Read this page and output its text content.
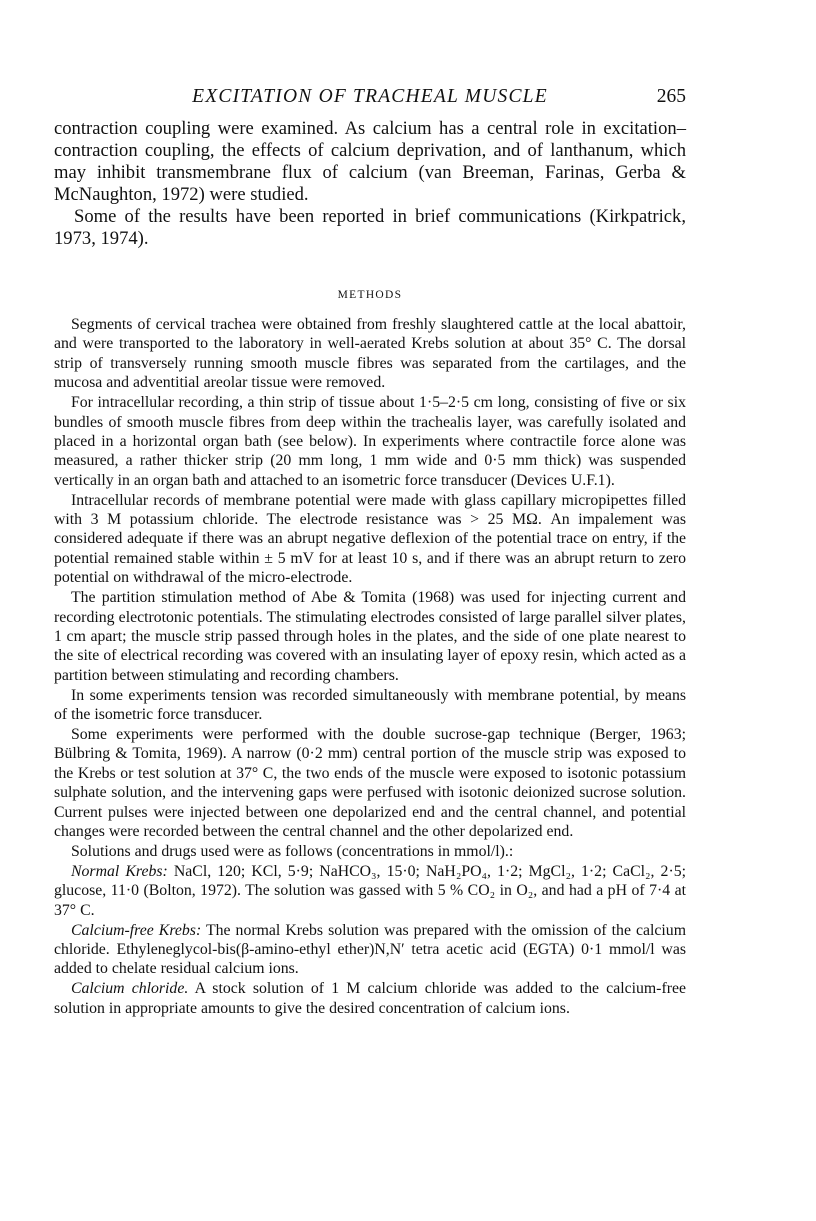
EXCITATION OF TRACHEAL MUSCLE	265

contraction coupling were examined. As calcium has a central role in excitation–contraction coupling, the effects of calcium deprivation, and of lanthanum, which may inhibit transmembrane flux of calcium (van Breeman, Farinas, Gerba & McNaughton, 1972) were studied.

Some of the results have been reported in brief communications (Kirkpatrick, 1973, 1974).

METHODS

Segments of cervical trachea were obtained from freshly slaughtered cattle at the local abattoir, and were transported to the laboratory in well-aerated Krebs solution at about 35° C. The dorsal strip of transversely running smooth muscle fibres was separated from the cartilages, and the mucosa and adventitial areolar tissue were removed.

For intracellular recording, a thin strip of tissue about 1·5–2·5 cm long, consisting of five or six bundles of smooth muscle fibres from deep within the trachealis layer, was carefully isolated and placed in a horizontal organ bath (see below). In experiments where contractile force alone was measured, a rather thicker strip (20 mm long, 1 mm wide and 0·5 mm thick) was suspended vertically in an organ bath and attached to an isometric force transducer (Devices U.F.1).

Intracellular records of membrane potential were made with glass capillary micropipettes filled with 3 M potassium chloride. The electrode resistance was > 25 MΩ. An impalement was considered adequate if there was an abrupt negative deflexion of the potential trace on entry, if the potential remained stable within ± 5 mV for at least 10 s, and if there was an abrupt return to zero potential on withdrawal of the micro-electrode.

The partition stimulation method of Abe & Tomita (1968) was used for injecting current and recording electrotonic potentials. The stimulating electrodes consisted of large parallel silver plates, 1 cm apart; the muscle strip passed through holes in the plates, and the side of one plate nearest to the site of electrical recording was covered with an insulating layer of epoxy resin, which acted as a partition between stimulating and recording chambers.

In some experiments tension was recorded simultaneously with membrane potential, by means of the isometric force transducer.

Some experiments were performed with the double sucrose-gap technique (Berger, 1963; Bülbring & Tomita, 1969). A narrow (0·2 mm) central portion of the muscle strip was exposed to the Krebs or test solution at 37° C, the two ends of the muscle were exposed to isotonic potassium sulphate solution, and the intervening gaps were perfused with isotonic deionized sucrose solution. Current pulses were injected between one depolarized end and the central channel, and potential changes were recorded between the central channel and the other depolarized end.

Solutions and drugs used were as follows (concentrations in mmol/l).:

Normal Krebs: NaCl, 120; KCl, 5·9; NaHCO₃, 15·0; NaH₂PO₄, 1·2; MgCl₂, 1·2; CaCl₂, 2·5; glucose, 11·0 (Bolton, 1972). The solution was gassed with 5 % CO₂ in O₂, and had a pH of 7·4 at 37° C.

Calcium-free Krebs: The normal Krebs solution was prepared with the omission of the calcium chloride. Ethyleneglycol-bis(β-amino-ethyl ether)N,N′ tetra acetic acid (EGTA) 0·1 mmol/l was added to chelate residual calcium ions.

Calcium chloride. A stock solution of 1 M calcium chloride was added to the calcium-free solution in appropriate amounts to give the desired concentration of calcium ions.
